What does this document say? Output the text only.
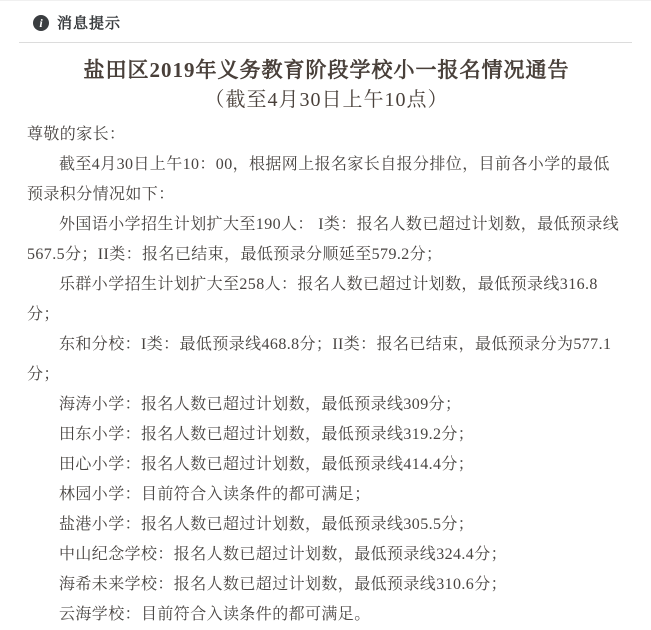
i 消息提示
盐田区2019年义务教育阶段学校小一报名情况通告
（截至4月30日上午10点）

尊敬的家长：

截至4月30日上午10：00，根据网上报名家长自报分排位，目前各小学的最低预录积分情况如下：

外国语小学招生计划扩大至190人： I类：报名人数已超过计划数，最低预录线567.5分；II类：报名已结束，最低预录分顺延至579.2分；

乐群小学招生计划扩大至258人：报名人数已超过计划数，最低预录线316.8分；

东和分校：I类：最低预录线468.8分；II类：报名已结束，最低预录分为577.1分；

海涛小学：报名人数已超过计划数，最低预录线309分；

田东小学：报名人数已超过计划数，最低预录线319.2分；

田心小学：报名人数已超过计划数，最低预录线414.4分；

林园小学：目前符合入读条件的都可满足；

盐港小学：报名人数已超过计划数，最低预录线305.5分；

中山纪念学校：报名人数已超过计划数，最低预录线324.4分；

海希未来学校：报名人数已超过计划数，最低预录线310.6分；

云海学校：目前符合入读条件的都可满足。
